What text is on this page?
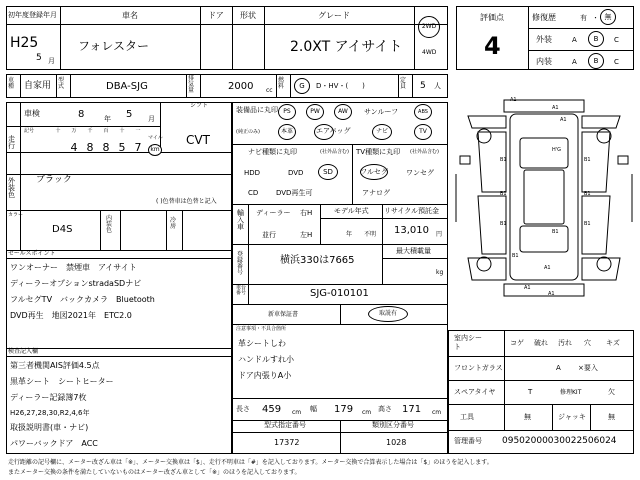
初年度登録年月
H25
5 月
車名
フォレスター
ドア 形状	グレード
2.0XT アイサイト
2WD
4WD
評価点
4
修復歴	有 ・ 無
外装	A	B	C
内装	A	B	C
車種	自家用
型式	DBA-SJG
排気量	2000 cc
燃料	G	D・HV・(　　)
定員	5 人
車検	8	年 5 月
シフト
CVT
走行
記号	十	万	千	百	十	一
4 8 8 5 7
マイル
km
外装色
ブラック
( )色替車は色替と記入
カラー
D4S
内装色
冷房
セールスポイント
ワンオーナー　禁煙車　アイサイト
ディーラーオプションstradaSDナビ
フルセグTV　バックカメラ　Bluetooth
DVD再生　地図2021年　ETC2.0
検査記入欄
第三者機関AIS評価4.5点
黒革シート　シートヒーター
ディーラー記録簿7枚
H26,27,28,30,R2,4,6年
取扱説明書(車・ナビ)
パワーバックドア　ACC
装備品に丸印
(純正のみ)
PS	PW	AW	サンルーフ	ABS
本革	エアバッグ	ナビ	TV
ナビ種類に丸印	(社外品含む)
HDD	DVD	SD
CD	DVD再生可
TV種類に丸印 (社外品含む)
フルセグ	ワンセグ
アナログ
輸入車
ディーラー
並行
右H
左H
モデル年式
年 不明
リサイクル預託金
13,010 円
登録番号
横浜330は7665
最大積載量
kg
車台番号	SJG-010101
新車保証書	取説有
注意事項・不具合箇所
革シートしわ
ハンドルすれ小
ドア内張りA小
長さ 459 cm 幅 179 cm 高さ 171 cm
型式指定番号
17372
類別区分番号
1028
A1
A1
A1
B1	B1
B1	B1
B1	B1
B1
A1
A1
A1
B1
H'G
室内シート
コゲ 破れ 汚れ 穴 キズ
フロントガラス	A ×要入
スペアタイヤ	T	修理KIT	欠
工具	無	ジャッキ	無
管理番号 09502000030022506024
走行距離の記号欄に、メーター改ざん車は「※」、メーター交換車は「$」、走行不明車は「#」を記入しております。メーター交換で合算表示した場合は「$」のほうを記入します。
またメーター交換の条件を満たしていないものはメーター改ざん車として「※」のほうを記入しております。
